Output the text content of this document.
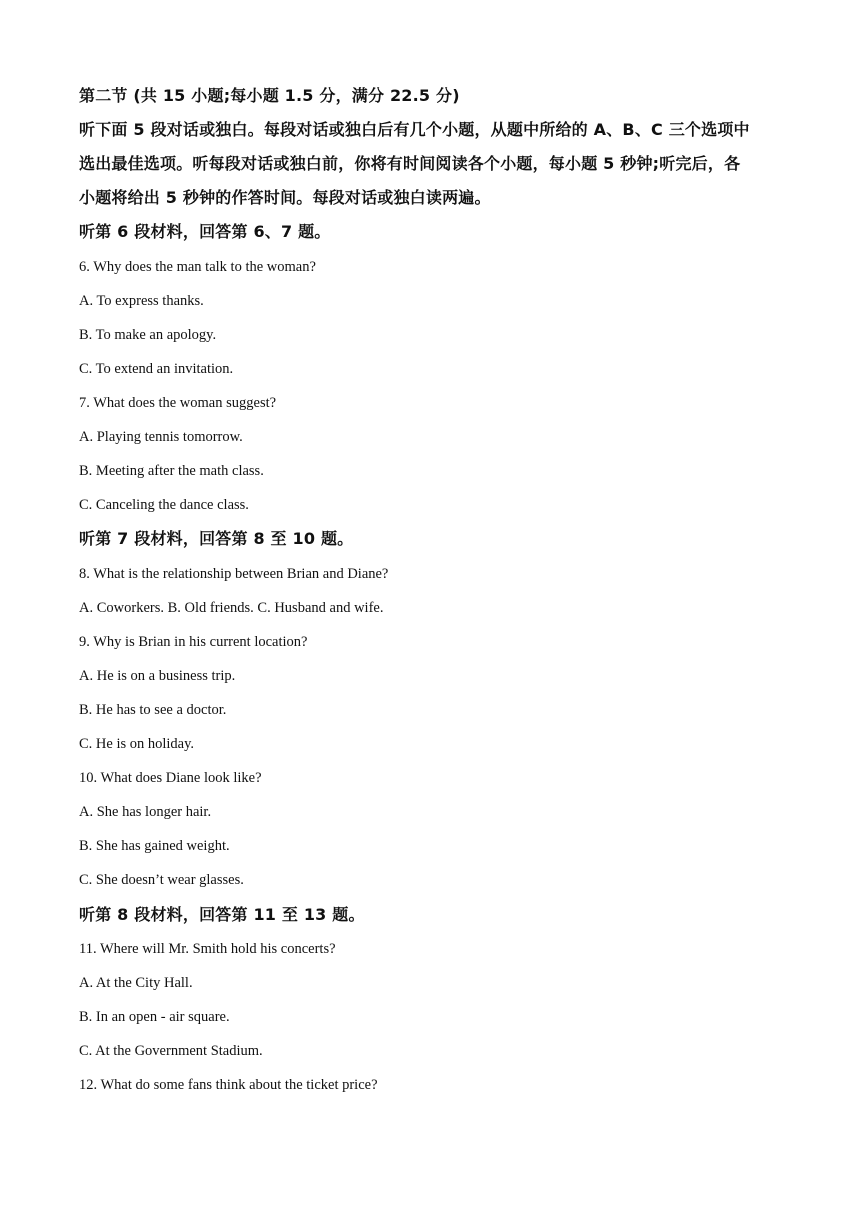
第二节 (共 15 小题;每小题 1.5 分，满分 22.5 分)

听下面 5 段对话或独白。每段对话或独白后有几个小题，从题中所给的 A、B、C 三个选项中

选出最佳选项。听每段对话或独白前，你将有时间阅读各个小题，每小题 5 秒钟;听完后，各

小题将给出 5 秒钟的作答时间。每段对话或独白读两遍。

听第 6 段材料，回答第 6、7 题。

6. Why does the man talk to the woman?

A. To express thanks.

B. To make an apology.

C. To extend an invitation.

7. What does the woman suggest?

A. Playing tennis tomorrow.

B. Meeting after the math class.

C. Canceling the dance class.

听第 7 段材料，回答第 8 至 10 题。

8. What is the relationship between Brian and Diane?

A. Coworkers. B. Old friends. C. Husband and wife.

9. Why is Brian in his current location?

A. He is on a business trip.

B. He has to see a doctor.

C. He is on holiday.

10. What does Diane look like?

A. She has longer hair.

B. She has gained weight.

C. She doesn’t wear glasses.

听第 8 段材料，回答第 11 至 13 题。

11. Where will Mr. Smith hold his concerts?

A. At the City Hall.

B. In an open - air square.

C. At the Government Stadium.

12. What do some fans think about the ticket price?
